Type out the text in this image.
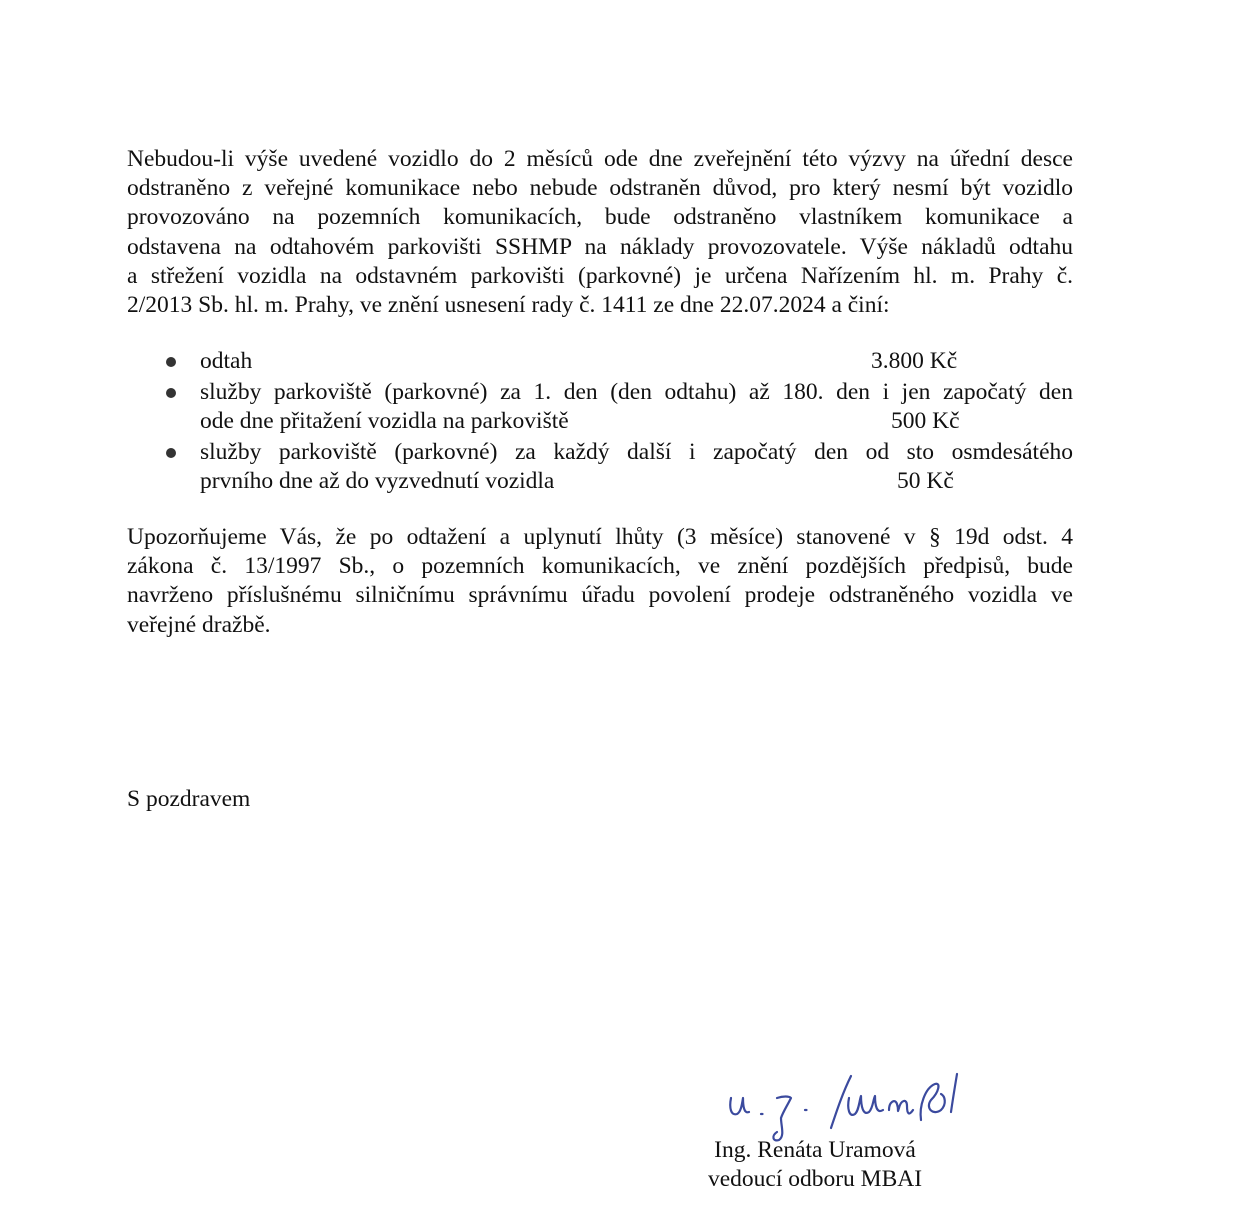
Nebudou-li výše uvedené vozidlo do 2 měsíců ode dne zveřejnění této výzvy na úřední desce
odstraněno z veřejné komunikace nebo nebude odstraněn důvod, pro který nesmí být vozidlo
provozováno na pozemních komunikacích, bude odstraněno vlastníkem komunikace a
odstavena na odtahovém parkovišti SSHMP na náklady provozovatele. Výše nákladů odtahu
a střežení vozidla na odstavném parkovišti (parkovné) je určena Nařízením hl. m. Prahy č.
2/2013 Sb. hl. m. Prahy, ve znění usnesení rady č. 1411 ze dne 22.07.2024 a činí:
odtah	3.800 Kč
služby parkoviště (parkovné) za 1. den (den odtahu) až 180. den i jen započatý den
ode dne přitažení vozidla na parkoviště	500 Kč
služby parkoviště (parkovné) za každý další i započatý den od sto osmdesátého
prvního dne až do vyzvednutí vozidla	50 Kč
Upozorňujeme Vás, že po odtažení a uplynutí lhůty (3 měsíce) stanovené v § 19d odst. 4
zákona č. 13/1997 Sb., o pozemních komunikacích, ve znění pozdějších předpisů, bude
navrženo příslušnému silničnímu správnímu úřadu povolení prodeje odstraněného vozidla ve
veřejné dražbě.

S pozdravem

Ing. Renáta Uramová
vedoucí odboru MBAI
